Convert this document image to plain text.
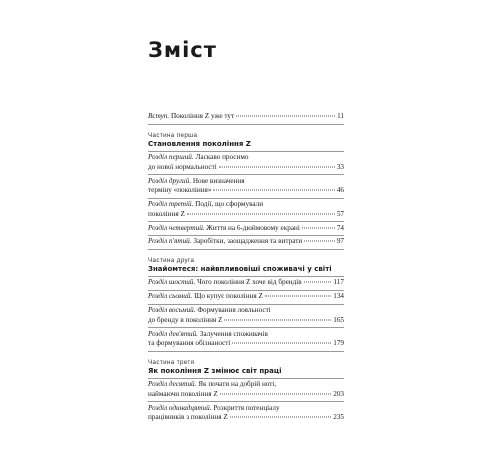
Зміст
Вступ. Покоління Z уже тут	11
Частина перша
Становлення покоління Z
Розділ перший. Ласкаво просимо
до нової нормальності	33
Розділ другий. Нове визначення
терміну «покоління»	46
Розділ третій. Події, що сформували
покоління Z	57
Розділ четвертий. Життя на 6-дюймовому екрані	74
Розділ п'ятий. Заробітки, заощадження та витрати	97
Частина друга
Знайомтеся: найвпливовіші споживачі у світі
Розділ шостий. Чого покоління Z хоче від брендів	117
Розділ сьомий. Що купує покоління Z	134
Розділ восьмий. Формування лояльності
до бренду в покоління Z	165
Розділ дев'ятий. Залучення споживачів
та формування обізнаності	179
Частина третя
Як покоління Z змінює світ праці
Розділ десятий. Як почати на добрій ноті,
наймаючи покоління Z	203
Розділ одинадцятий. Розкриття потенціалу
працівників з покоління Z	235
